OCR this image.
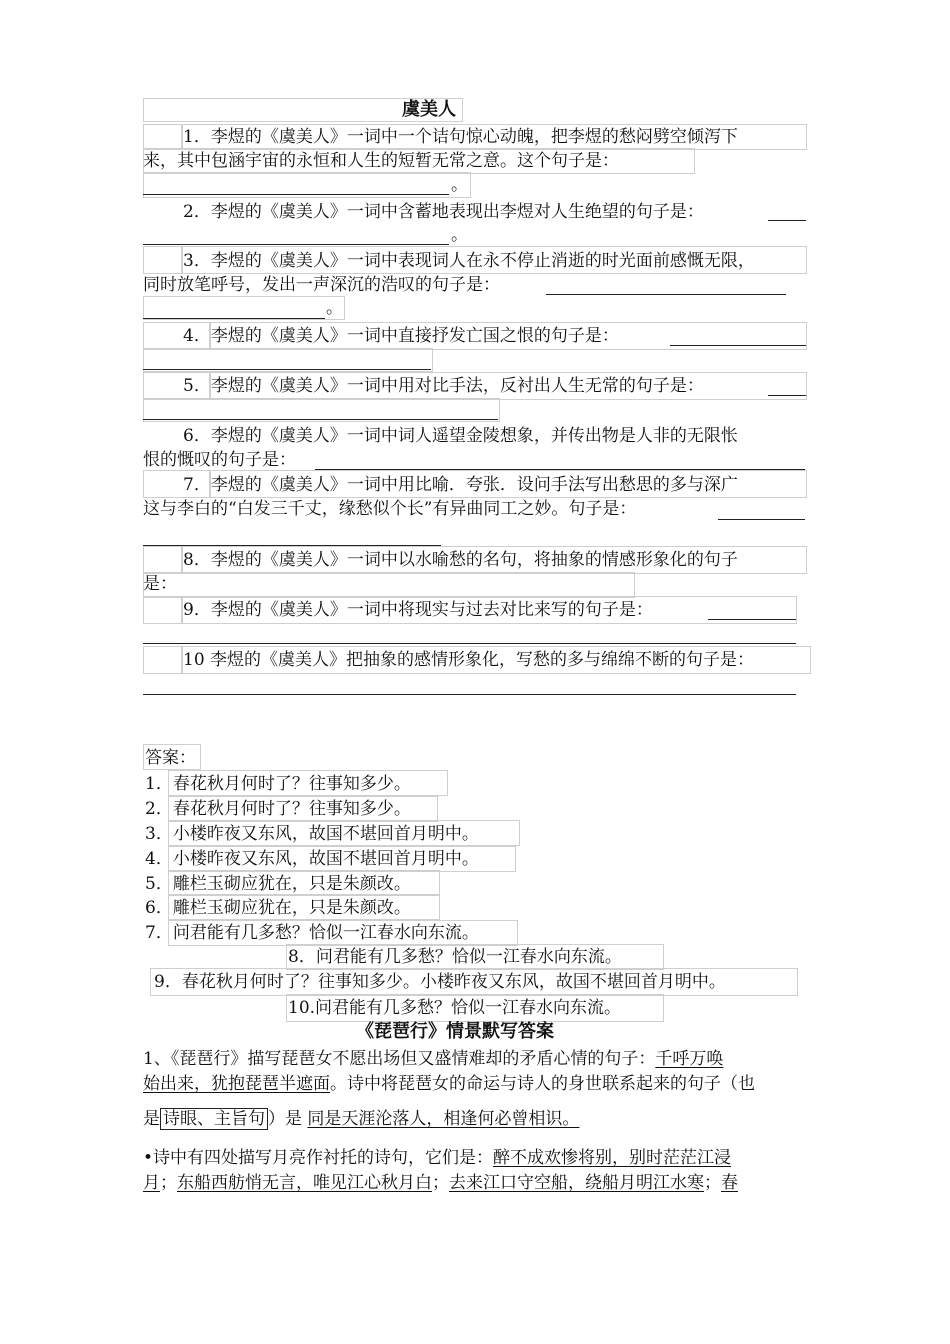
虞美人
1．李煜的《虞美人》一词中一个诘句惊心动魄，把李煜的愁闷劈空倾泻下
来，其中包涵宇宙的永恒和人生的短暂无常之意。这个句子是：
。
2．李煜的《虞美人》一词中含蓄地表现出李煜对人生绝望的句子是：
。
3．李煜的《虞美人》一词中表现词人在永不停止消逝的时光面前感慨无限，
同时放笔呼号，发出一声深沉的浩叹的句子是：
。
4．李煜的《虞美人》一词中直接抒发亡国之恨的句子是：
5．李煜的《虞美人》一词中用对比手法，反衬出人生无常的句子是：
6．李煜的《虞美人》一词中词人遥望金陵想象，并传出物是人非的无限怅
恨的慨叹的句子是：
7．李煜的《虞美人》一词中用比喻．夸张．设问手法写出愁思的多与深广
这与李白的“白发三千丈，缘愁似个长”有异曲同工之妙。句子是：
8．李煜的《虞美人》一词中以水喻愁的名句，将抽象的情感形象化的句子
是：
9．李煜的《虞美人》一词中将现实与过去对比来写的句子是：
10 李煜的《虞美人》把抽象的感情形象化，写愁的多与绵绵不断的句子是：
答案：
1．春花秋月何时了？往事知多少。
2．春花秋月何时了？往事知多少。
3．小楼昨夜又东风，故国不堪回首月明中。
4．小楼昨夜又东风，故国不堪回首月明中。
5．雕栏玉砌应犹在，只是朱颜改。
6．雕栏玉砌应犹在，只是朱颜改。
7．问君能有几多愁？恰似一江春水向东流。
8．问君能有几多愁？恰似一江春水向东流。
9．春花秋月何时了？往事知多少。小楼昨夜又东风，故国不堪回首月明中。
10.问君能有几多愁？恰似一江春水向东流。
《琵琶行》情景默写答案
1、《琵琶行》描写琵琶女不愿出场但又盛情难却的矛盾心情的句子：千呼万唤
始出来，犹抱琵琶半遮面。诗中将琵琶女的命运与诗人的身世联系起来的句子（也
是 诗眼、主旨句 ）是 同是天涯沦落人，相逢何必曾相识。
•诗中有四处描写月亮作衬托的诗句，它们是：醉不成欢惨将别，别时茫茫江浸
月；东船西舫悄无言，唯见江心秋月白；去来江口守空船，绕船月明江水寒；春
